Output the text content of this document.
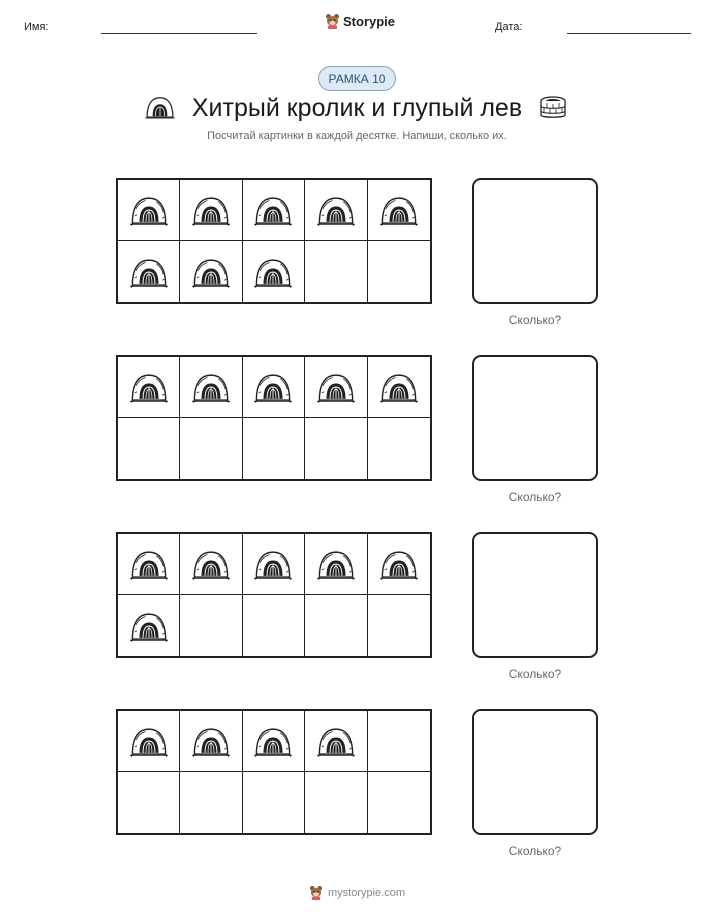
Имя:	Storypie	Дата:
РАМКА 10
Хитрый кролик и глупый лев
Посчитай картинки в каждой десятке. Напиши, сколько их.
Сколько?
Сколько?
Сколько?
Сколько?
mystorypie.com
